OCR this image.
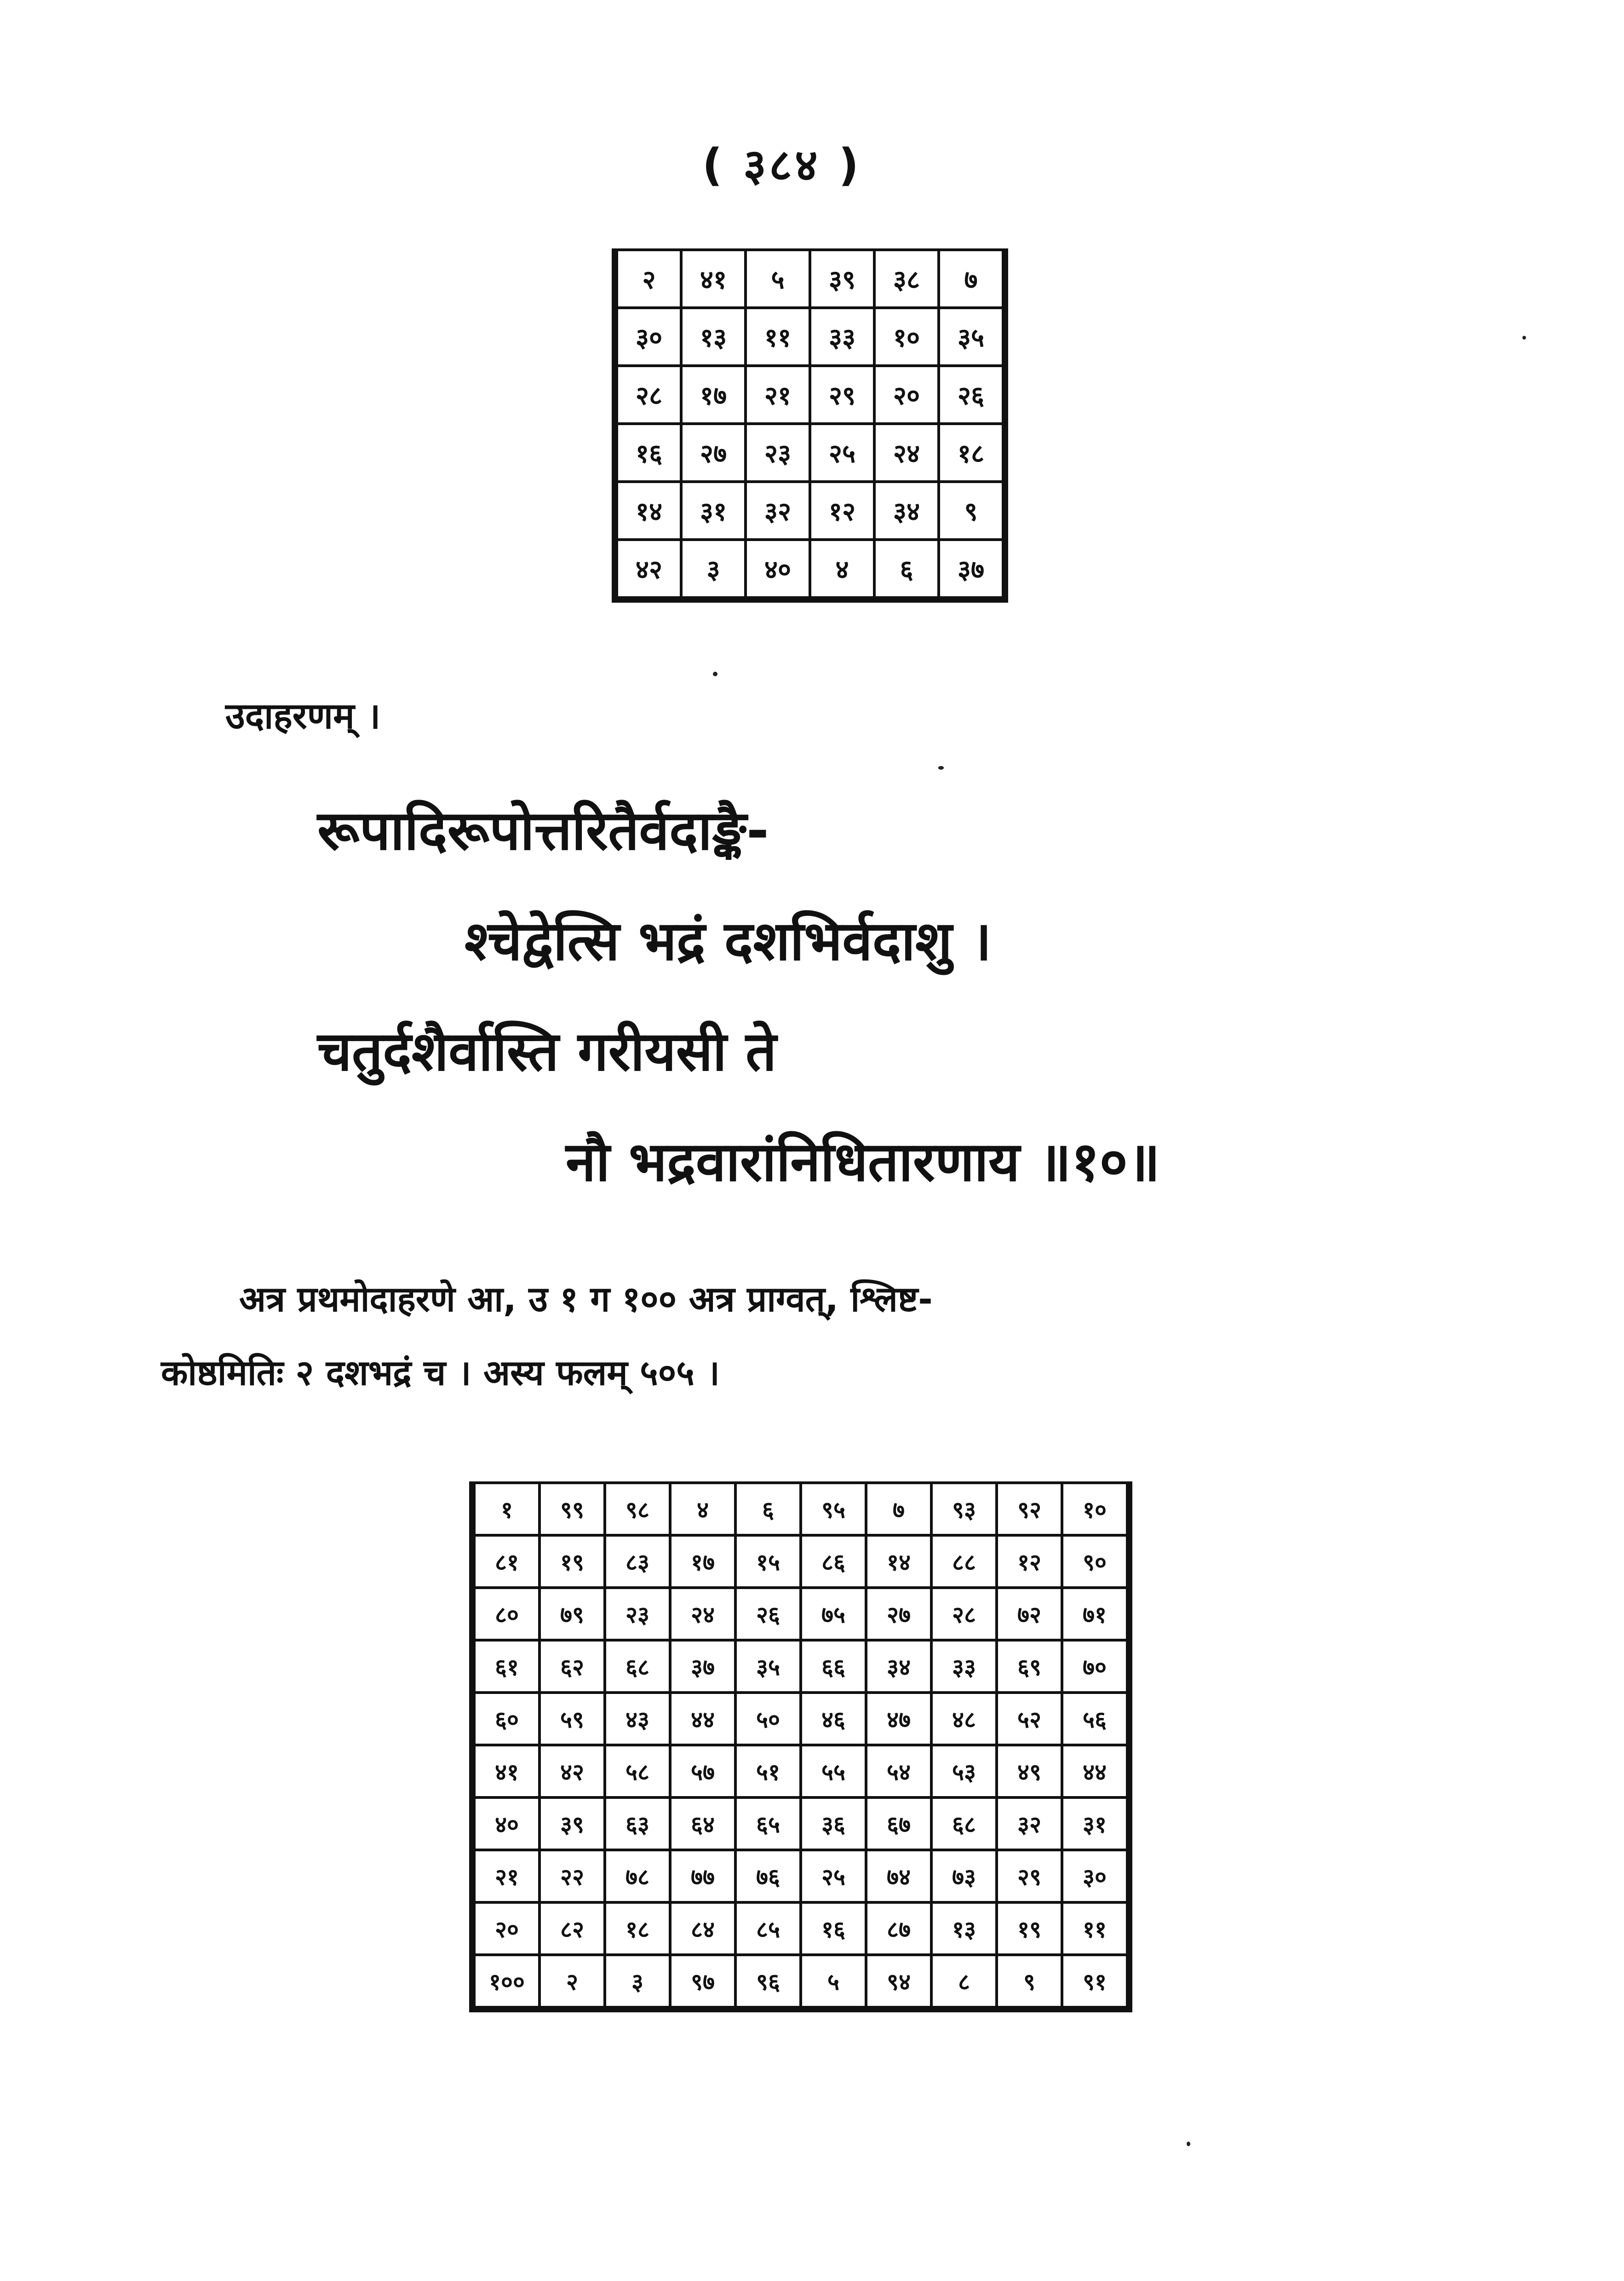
( ३८४ )
२	४१	५	३९	३८	७
३०	१३	११	३३	१०	३५
२८	१७	२१	२९	२०	२६
१६	२७	२३	२५	२४	१८
१४	३१	३२	१२	३४	९
४२	३	४०	४	६	३७
उदाहरणम् ।
रूपादिरूपोत्तरितैर्वदाङ्कै-
श्चेद्वेत्सि भद्रं दशभिर्वदाशु ।
चतुर्दशैर्वास्ति गरीयसी ते
नौ भद्रवारांनिधितारणाय ॥१०॥
अत्र प्रथमोदाहरणे आ, उ १ ग १०० अत्र प्राग्वत्, श्लिष्ट-
कोष्ठमितिः २ दशभद्रं च । अस्य फलम् ५०५ ।
१	९९	९८	४	६	९५	७	९३	९२	१०
८१	१९	८३	१७	१५	८६	१४	८८	१२	९०
८०	७९	२३	२४	२६	७५	२७	२८	७२	७१
६१	६२	६८	३७	३५	६६	३४	३३	६९	७०
६०	५९	४३	४४	५०	४६	४७	४८	५२	५६
४१	४२	५८	५७	५१	५५	५४	५३	४९	४४
४०	३९	६३	६४	६५	३६	६७	६८	३२	३१
२१	२२	७८	७७	७६	२५	७४	७३	२९	३०
२०	८२	१८	८४	८५	१६	८७	१३	१९	११
१००	२	३	९७	९६	५	९४	८	९	९१
